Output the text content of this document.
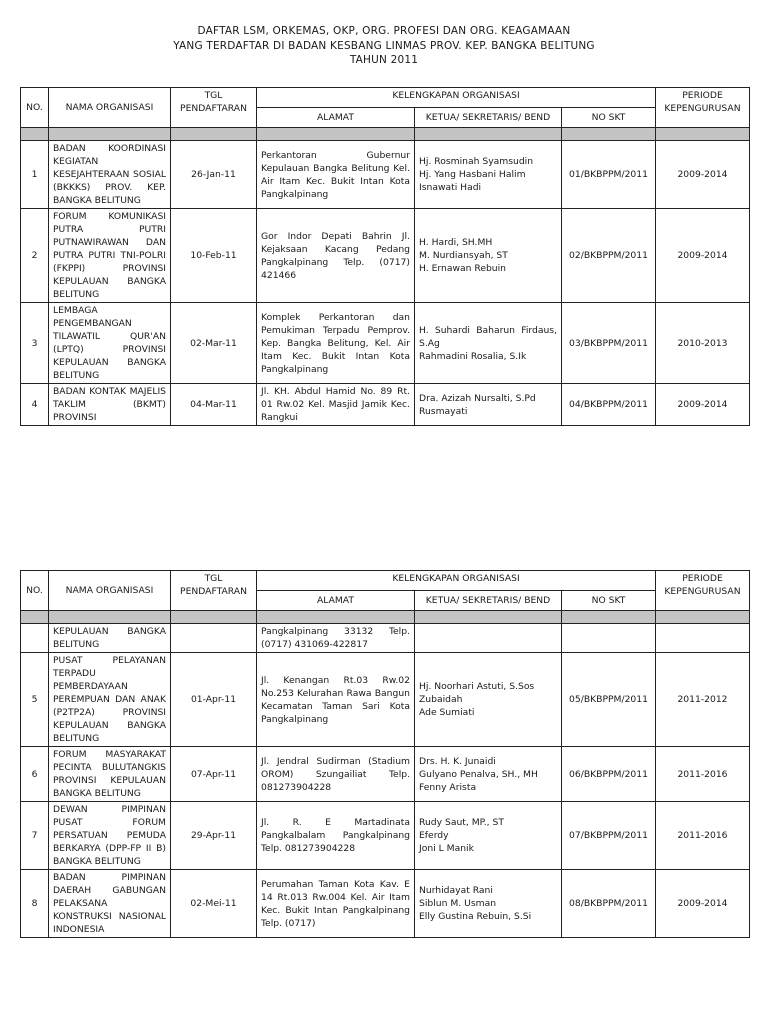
DAFTAR LSM, ORKEMAS, OKP, ORG. PROFESI DAN ORG. KEAGAMAAN
YANG TERDAFTAR DI BADAN KESBANG LINMAS PROV. KEP. BANGKA BELITUNG
TAHUN 2011
NO.	NAMA ORGANISASI	TGL PENDAFTARAN	KELENGKAPAN ORGANISASI			PERIODE KEPENGURUSAN
			ALAMAT	KETUA/ SEKRETARIS/ BEND	NO SKT	

1	BADAN KOORDINASI KEGIATAN KESEJAHTERAAN SOSIAL (BKKKS) PROV. KEP. BANGKA BELITUNG	26-Jan-11	Perkantoran Gubernur Kepulauan Bangka Belitung Kel. Air Itam Kec. Bukit Intan Kota Pangkalpinang	Hj. Rosminah Syamsudin
Hj. Yang Hasbani Halim
Isnawati Hadi	01/BKBPPM/2011	2009-2014
2	FORUM KOMUNIKASI PUTRA PUTRI PUTNAWIRAWAN DAN PUTRA PUTRI TNI-POLRI (FKPPI) PROVINSI KEPULAUAN BANGKA BELITUNG	10-Feb-11	Gor Indor Depati Bahrin Jl. Kejaksaan Kacang Pedang Pangkalpinang Telp. (0717) 421466	H. Hardi, SH.MH
M. Nurdiansyah, ST
H. Ernawan Rebuin	02/BKBPPM/2011	2009-2014
3	LEMBAGA PENGEMBANGAN TILAWATIL QUR'AN (LPTQ) PROVINSI KEPULAUAN BANGKA BELITUNG	02-Mar-11	Komplek Perkantoran dan Pemukiman Terpadu Pemprov. Kep. Bangka Belitung, Kel. Air Itam Kec. Bukit Intan Kota Pangkalpinang	H. Suhardi Baharun Firdaus, S.Ag
Rahmadini Rosalia, S.Ik	03/BKBPPM/2011	2010-2013
4	BADAN KONTAK MAJELIS TAKLIM (BKMT) PROVINSI	04-Mar-11	Jl. KH. Abdul Hamid No. 89 Rt. 01 Rw.02 Kel. Masjid Jamik Kec. Rangkui	Dra. Azizah Nursalti, S.Pd
Rusmayati	04/BKBPPM/2011	2009-2014
NO.	NAMA ORGANISASI	TGL PENDAFTARAN	KELENGKAPAN ORGANISASI			PERIODE KEPENGURUSAN
			ALAMAT	KETUA/ SEKRETARIS/ BEND	NO SKT	

	KEPULAUAN BANGKA BELITUNG		Pangkalpinang 33132 Telp. (0717) 431069-422817			
5	PUSAT PELAYANAN TERPADU PEMBERDAYAAN PEREMPUAN DAN ANAK (P2TP2A) PROVINSI KEPULAUAN BANGKA BELITUNG	01-Apr-11	Jl. Kenangan Rt.03 Rw.02 No.253 Kelurahan Rawa Bangun Kecamatan Taman Sari Kota Pangkalpinang	Hj. Noorhari Astuti, S.Sos
Zubaidah
Ade Sumiati	05/BKBPPM/2011	2011-2012
6	FORUM MASYARAKAT PECINTA BULUTANGKIS PROVINSI KEPULAUAN BANGKA BELITUNG	07-Apr-11	Jl. Jendral Sudirman (Stadium OROM) Szungailiat Telp. 081273904228	Drs. H. K. Junaidi
Gulyano Penalva, SH., MH
Fenny Arista	06/BKBPPM/2011	2011-2016
7	DEWAN PIMPINAN PUSAT FORUM PERSATUAN PEMUDA BERKARYA (DPP-FP II B) BANGKA BELITUNG	29-Apr-11	Jl. R. E Martadinata Pangkalbalam Pangkalpinang Telp. 081273904228	Rudy Saut, MP., ST
Eferdy
Joni L Manik	07/BKBPPM/2011	2011-2016
8	BADAN PIMPINAN DAERAH GABUNGAN PELAKSANA KONSTRUKSI NASIONAL INDONESIA	02-Mei-11	Perumahan Taman Kota Kav. E 14 Rt.013 Rw.004 Kel. Air Itam Kec. Bukit Intan Pangkalpinang Telp. (0717)	Nurhidayat Rani
Siblun M. Usman
Elly Gustina Rebuin, S.Si	08/BKBPPM/2011	2009-2014
